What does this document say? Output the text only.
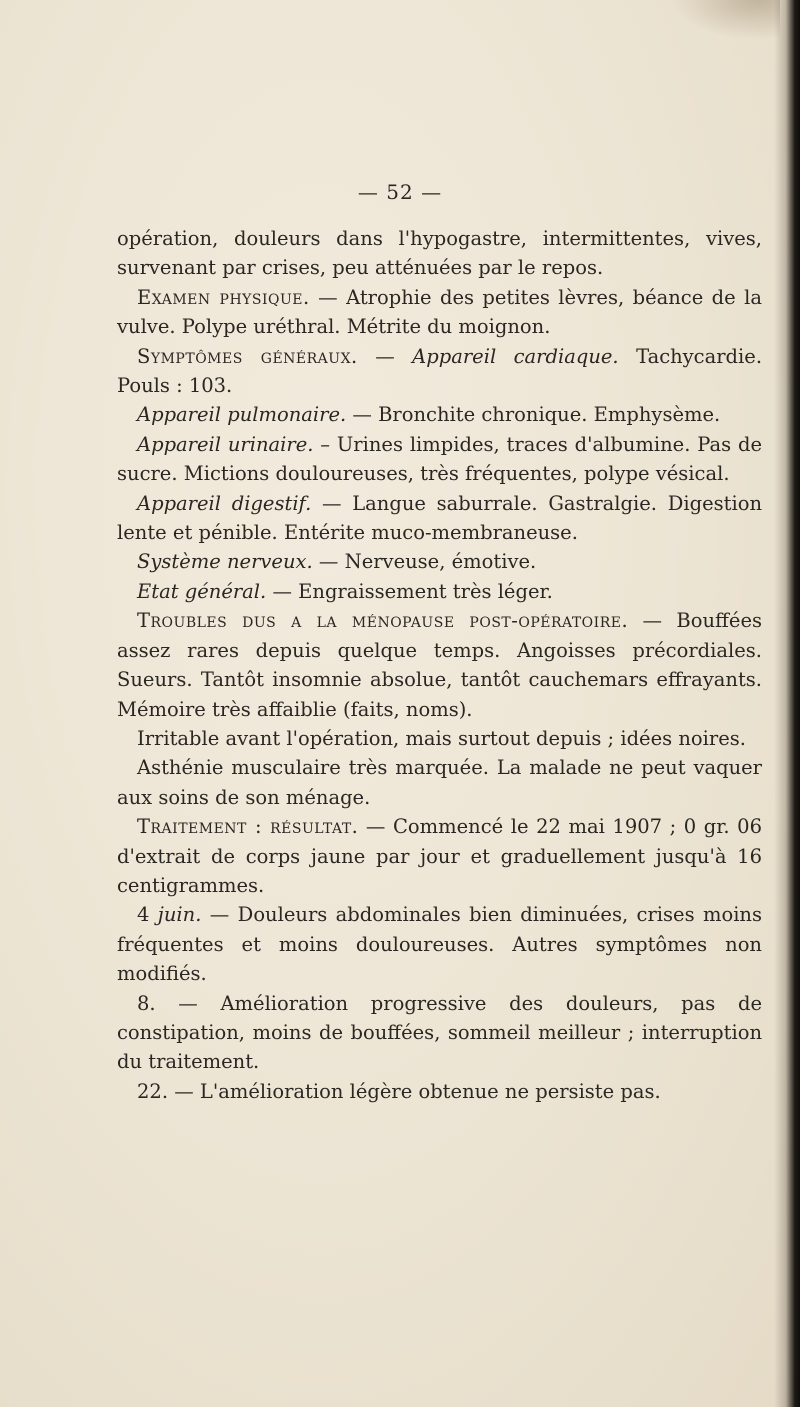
— 52 —

opération, douleurs dans l'hypogastre, intermittentes, vives, survenant par crises, peu atténuées par le repos.

Examen physique. — Atrophie des petites lèvres, béance de la vulve. Polype uréthral. Métrite du moignon.

Symptômes généraux. — Appareil cardiaque. Tachycardie. Pouls : 103.

Appareil pulmonaire. — Bronchite chronique. Emphysème.

Appareil urinaire. – Urines limpides, traces d'albumine. Pas de sucre. Mictions douloureuses, très fréquentes, polype vésical.

Appareil digestif. — Langue saburrale. Gastralgie. Digestion lente et pénible. Entérite muco-membraneuse.

Système nerveux. — Nerveuse, émotive.

Etat général. — Engraissement très léger.

Troubles dus a la ménopause post-opératoire. — Bouffées assez rares depuis quelque temps. Angoisses précordiales. Sueurs. Tantôt insomnie absolue, tantôt cauchemars effrayants. Mémoire très affaiblie (faits, noms).

Irritable avant l'opération, mais surtout depuis ; idées noires.

Asthénie musculaire très marquée. La malade ne peut vaquer aux soins de son ménage.

Traitement : résultat. — Commencé le 22 mai 1907 ; 0 gr. 06 d'extrait de corps jaune par jour et graduellement jusqu'à 16 centigrammes.

4 juin. — Douleurs abdominales bien diminuées, crises moins fréquentes et moins douloureuses. Autres symptômes non modifiés.

8. — Amélioration progressive des douleurs, pas de constipation, moins de bouffées, sommeil meilleur ; interruption du traitement.

22. — L'amélioration légère obtenue ne persiste pas.
